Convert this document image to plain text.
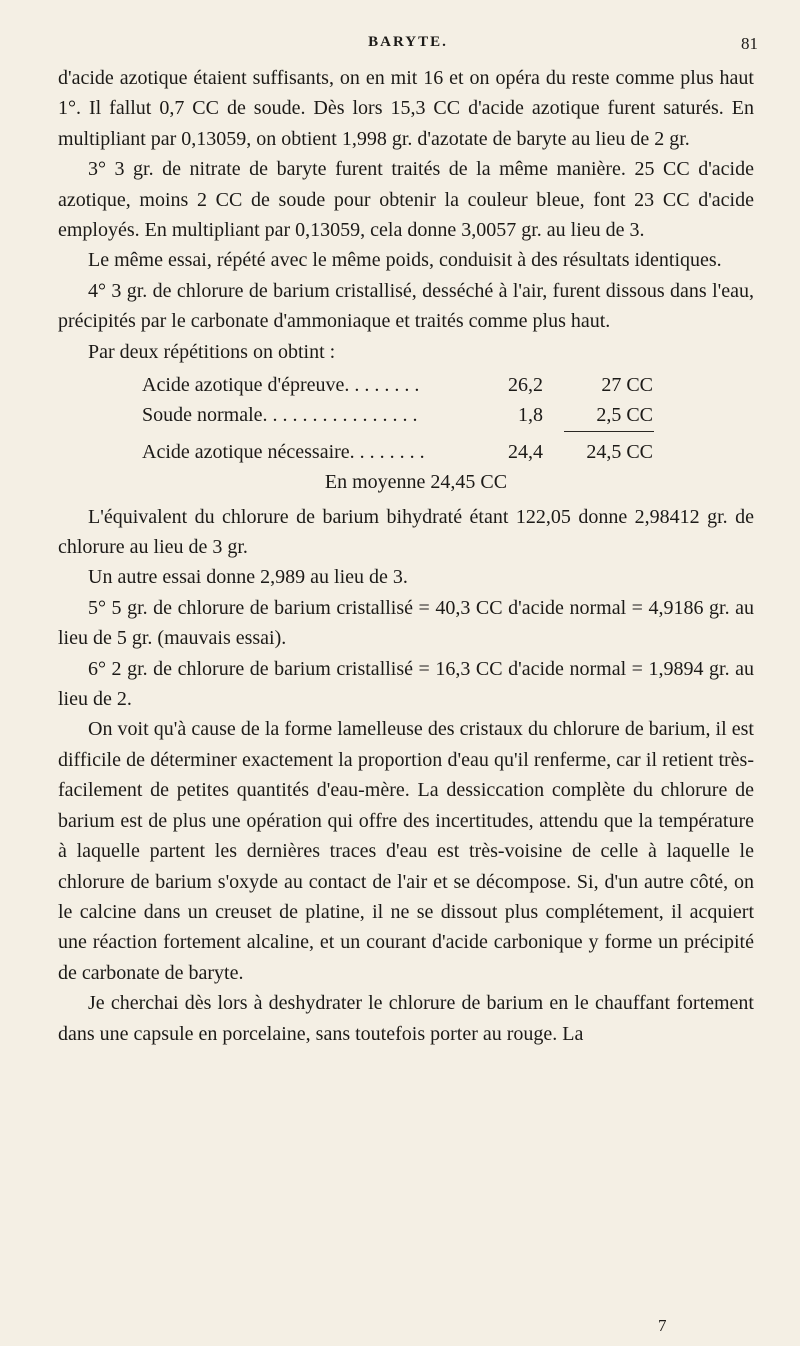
BARYTE.	81

d'acide azotique étaient suffisants, on en mit 16 et on opéra du reste comme plus haut 1°. Il fallut 0,7 CC de soude. Dès lors 15,3 CC d'acide azotique furent saturés. En multipliant par 0,13059, on obtient 1,998 gr. d'azotate de baryte au lieu de 2 gr.

3° 3 gr. de nitrate de baryte furent traités de la même manière. 25 CC d'acide azotique, moins 2 CC de soude pour obtenir la couleur bleue, font 23 CC d'acide employés. En multipliant par 0,13059, cela donne 3,0057 gr. au lieu de 3.

Le même essai, répété avec le même poids, conduisit à des résultats identiques.

4° 3 gr. de chlorure de barium cristallisé, desséché à l'air, furent dissous dans l'eau, précipités par le carbonate d'ammoniaque et traités comme plus haut.

Par deux répétitions on obtint :

Acide azotique d'épreuve. . . . . . . .	26,2	27 CC
Soude normale. . . . . . . . . . . . . . . .	1,8	2,5 CC
Acide azotique nécessaire. . . . . . . .	24,4	24,5 CC
En moyenne 24,45 CC

L'équivalent du chlorure de barium bihydraté étant 122,05 donne 2,98412 gr. de chlorure au lieu de 3 gr.

Un autre essai donne 2,989 au lieu de 3.

5° 5 gr. de chlorure de barium cristallisé = 40,3 CC d'acide normal = 4,9186 gr. au lieu de 5 gr. (mauvais essai).

6° 2 gr. de chlorure de barium cristallisé = 16,3 CC d'acide normal = 1,9894 gr. au lieu de 2.

On voit qu'à cause de la forme lamelleuse des cristaux du chlorure de barium, il est difficile de déterminer exactement la proportion d'eau qu'il renferme, car il retient très-facilement de petites quantités d'eau-mère. La dessiccation complète du chlorure de barium est de plus une opération qui offre des incertitudes, attendu que la température à laquelle partent les dernières traces d'eau est très-voisine de celle à laquelle le chlorure de barium s'oxyde au contact de l'air et se décompose. Si, d'un autre côté, on le calcine dans un creuset de platine, il ne se dissout plus complétement, il acquiert une réaction fortement alcaline, et un courant d'acide carbonique y forme un précipité de carbonate de baryte.

Je cherchai dès lors à deshydrater le chlorure de barium en le chauffant fortement dans une capsule en porcelaine, sans toutefois porter au rouge. La

7
